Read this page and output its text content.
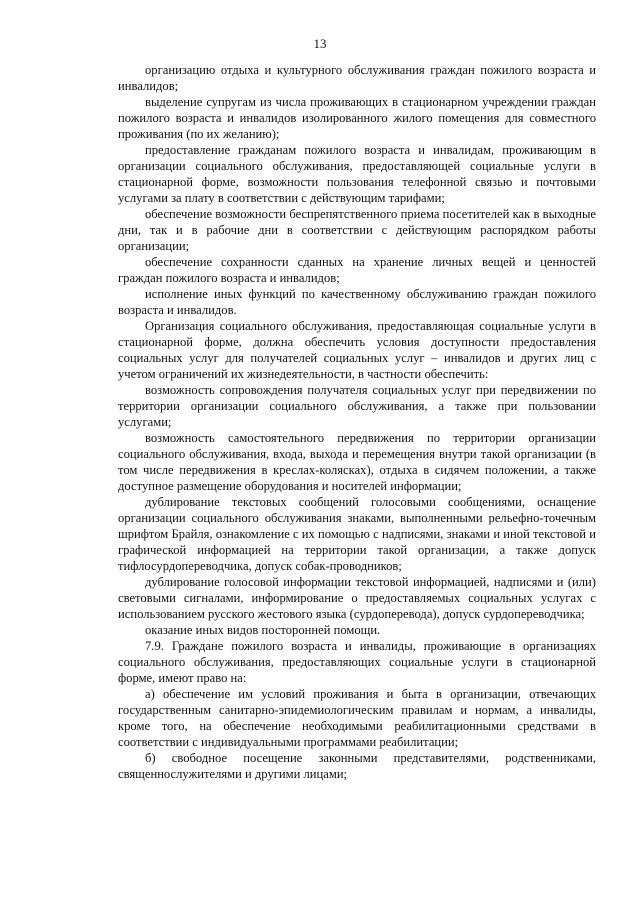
13

организацию отдыха и культурного обслуживания граждан пожилого возраста и инвалидов;

выделение супругам из числа проживающих в стационарном учреждении граждан пожилого возраста и инвалидов изолированного жилого помещения для совместного проживания (по их желанию);

предоставление гражданам пожилого возраста и инвалидам, проживающим в организации социального обслуживания, предоставляющей социальные услуги в стационарной форме, возможности пользования телефонной связью и почтовыми услугами за плату в соответствии с действующим тарифами;

обеспечение возможности беспрепятственного приема посетителей как в выходные дни, так и в рабочие дни в соответствии с действующим распорядком работы организации;

обеспечение сохранности сданных на хранение личных вещей и ценностей граждан пожилого возраста и инвалидов;

исполнение иных функций по качественному обслуживанию граждан пожилого возраста и инвалидов.

Организация социального обслуживания, предоставляющая социальные услуги в стационарной форме, должна обеспечить условия доступности предоставления социальных услуг для получателей социальных услуг – инвалидов и других лиц с учетом ограничений их жизнедеятельности, в частности обеспечить:

возможность сопровождения получателя социальных услуг при передвижении по территории организации социального обслуживания, а также при пользовании услугами;

возможность самостоятельного передвижения по территории организации социального обслуживания, входа, выхода и перемещения внутри такой организации (в том числе передвижения в креслах-колясках), отдыха в сидячем положении, а также доступное размещение оборудования и носителей информации;

дублирование текстовых сообщений голосовыми сообщениями, оснащение организации социального обслуживания знаками, выполненными рельефно-точечным шрифтом Брайля, ознакомление с их помощью с надписями, знаками и иной текстовой и графической информацией на территории такой организации, а также допуск тифлосурдопереводчика, допуск собак-проводников;

дублирование голосовой информации текстовой информацией, надписями и (или) световыми сигналами, информирование о предоставляемых социальных услугах с использованием русского жестового языка (сурдоперевода), допуск сурдопереводчика;

оказание иных видов посторонней помощи.

7.9. Граждане пожилого возраста и инвалиды, проживающие в организациях социального обслуживания, предоставляющих социальные услуги в стационарной форме, имеют право на:

а) обеспечение им условий проживания и быта в организации, отвечающих государственным санитарно-эпидемиологическим правилам и нормам, а инвалиды, кроме того, на обеспечение необходимыми реабилитационными средствами в соответствии с индивидуальными программами реабилитации;

б) свободное посещение законными представителями, родственниками, священнослужителями и другими лицами;
